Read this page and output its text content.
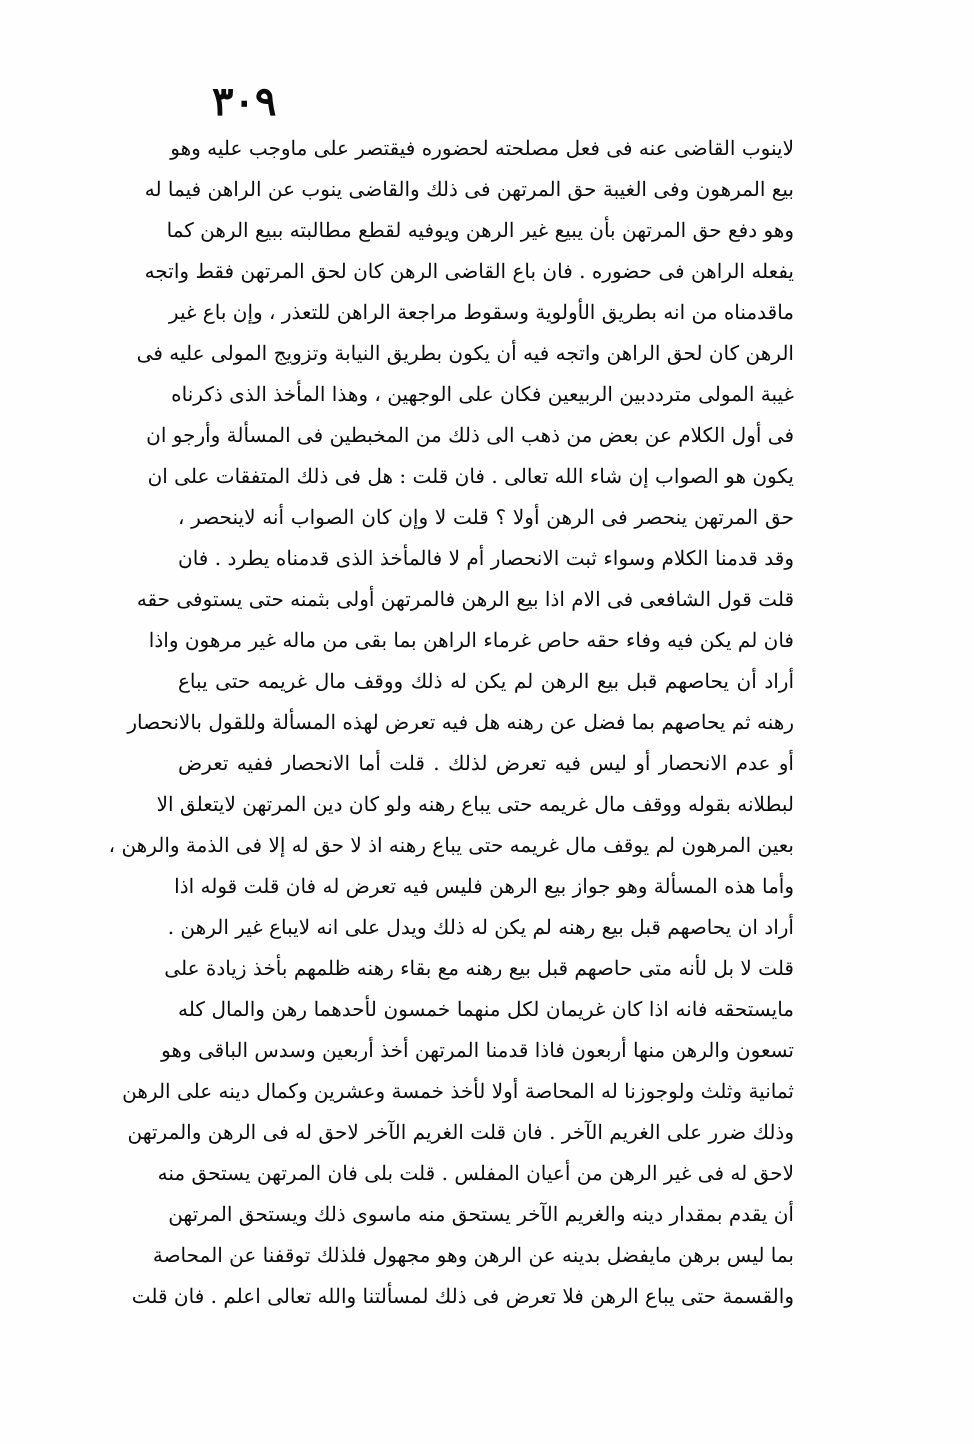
٣٠٩
لاينوب القاضى عنه فى فعل مصلحته لحضوره فيقتصر على ماوجب عليه وهو
بيع المرهون وفى الغيبة حق المرتهن فى ذلك والقاضى ينوب عن الراهن فيما له
وهو دفع حق المرتهن بأن يبيع غير الرهن ويوفيه لقطع مطالبته ببيع الرهن كما
يفعله الراهن فى حضوره . فان باع القاضى الرهن كان لحق المرتهن فقط واتجه
ماقدمناه من انه بطريق الأولوية وسقوط مراجعة الراهن للتعذر ، وإن باع غير
الرهن كان لحق الراهن واتجه فيه أن يكون بطريق النيابة وتزويج المولى عليه فى
غيبة المولى مترددبين الربيعين فكان على الوجهين ، وهذا المأخذ الذى ذكرناه
فى أول الكلام عن بعض من ذهب الى ذلك من المخبطين فى المسألة وأرجو ان
يكون هو الصواب إن شاء الله تعالى . فان قلت : هل فى ذلك المتفقات على ان
حق المرتهن ينحصر فى الرهن أولا ؟ قلت لا وإن كان الصواب أنه لاينحصر ،
وقد قدمنا الكلام وسواء ثبت الانحصار أم لا فالمأخذ الذى قدمناه يطرد . فان
قلت قول الشافعى فى الام اذا بيع الرهن فالمرتهن أولى بثمنه حتى يستوفى حقه
فان لم يكن فيه وفاء حقه حاص غرماء الراهن بما بقى من ماله غير مرهون واذا
أراد أن يحاصهم قبل بيع الرهن لم يكن له ذلك ووقف مال غريمه حتى يباع
رهنه ثم يحاصهم بما فضل عن رهنه هل فيه تعرض لهذه المسألة وللقول بالانحصار
أو عدم الانحصار أو ليس فيه تعرض لذلك . قلت أما الانحصار ففيه تعرض
لبطلانه بقوله ووقف مال غريمه حتى يباع رهنه ولو كان دين المرتهن لايتعلق الا
بعين المرهون لم يوقف مال غريمه حتى يباع رهنه اذ لا حق له إلا فى الذمة والرهن ،
وأما هذه المسألة وهو جواز بيع الرهن فليس فيه تعرض له فان قلت قوله اذا
أراد ان يحاصهم قبل بيع رهنه لم يكن له ذلك ويدل على انه لايباع غير الرهن .
قلت لا بل لأنه متى حاصهم قبل بيع رهنه مع بقاء رهنه ظلمهم بأخذ زيادة على
مايستحقه فانه اذا كان غريمان لكل منهما خمسون لأحدهما رهن والمال كله
تسعون والرهن منها أربعون فاذا قدمنا المرتهن أخذ أربعين وسدس الباقى وهو
ثمانية وثلث ولوجوزنا له المحاصة أولا لأخذ خمسة وعشرين وكمال دينه على الرهن
وذلك ضرر على الغريم الآخر . فان قلت الغريم الآخر لاحق له فى الرهن والمرتهن
لاحق له فى غير الرهن من أعيان المفلس . قلت بلى فان المرتهن يستحق منه
أن يقدم بمقدار دينه والغريم الآخر يستحق منه ماسوى ذلك ويستحق المرتهن
بما ليس برهن مايفضل بدينه عن الرهن وهو مجهول فلذلك توقفنا عن المحاصة
والقسمة حتى يباع الرهن فلا تعرض فى ذلك لمسألتنا والله تعالى اعلم . فان قلت
